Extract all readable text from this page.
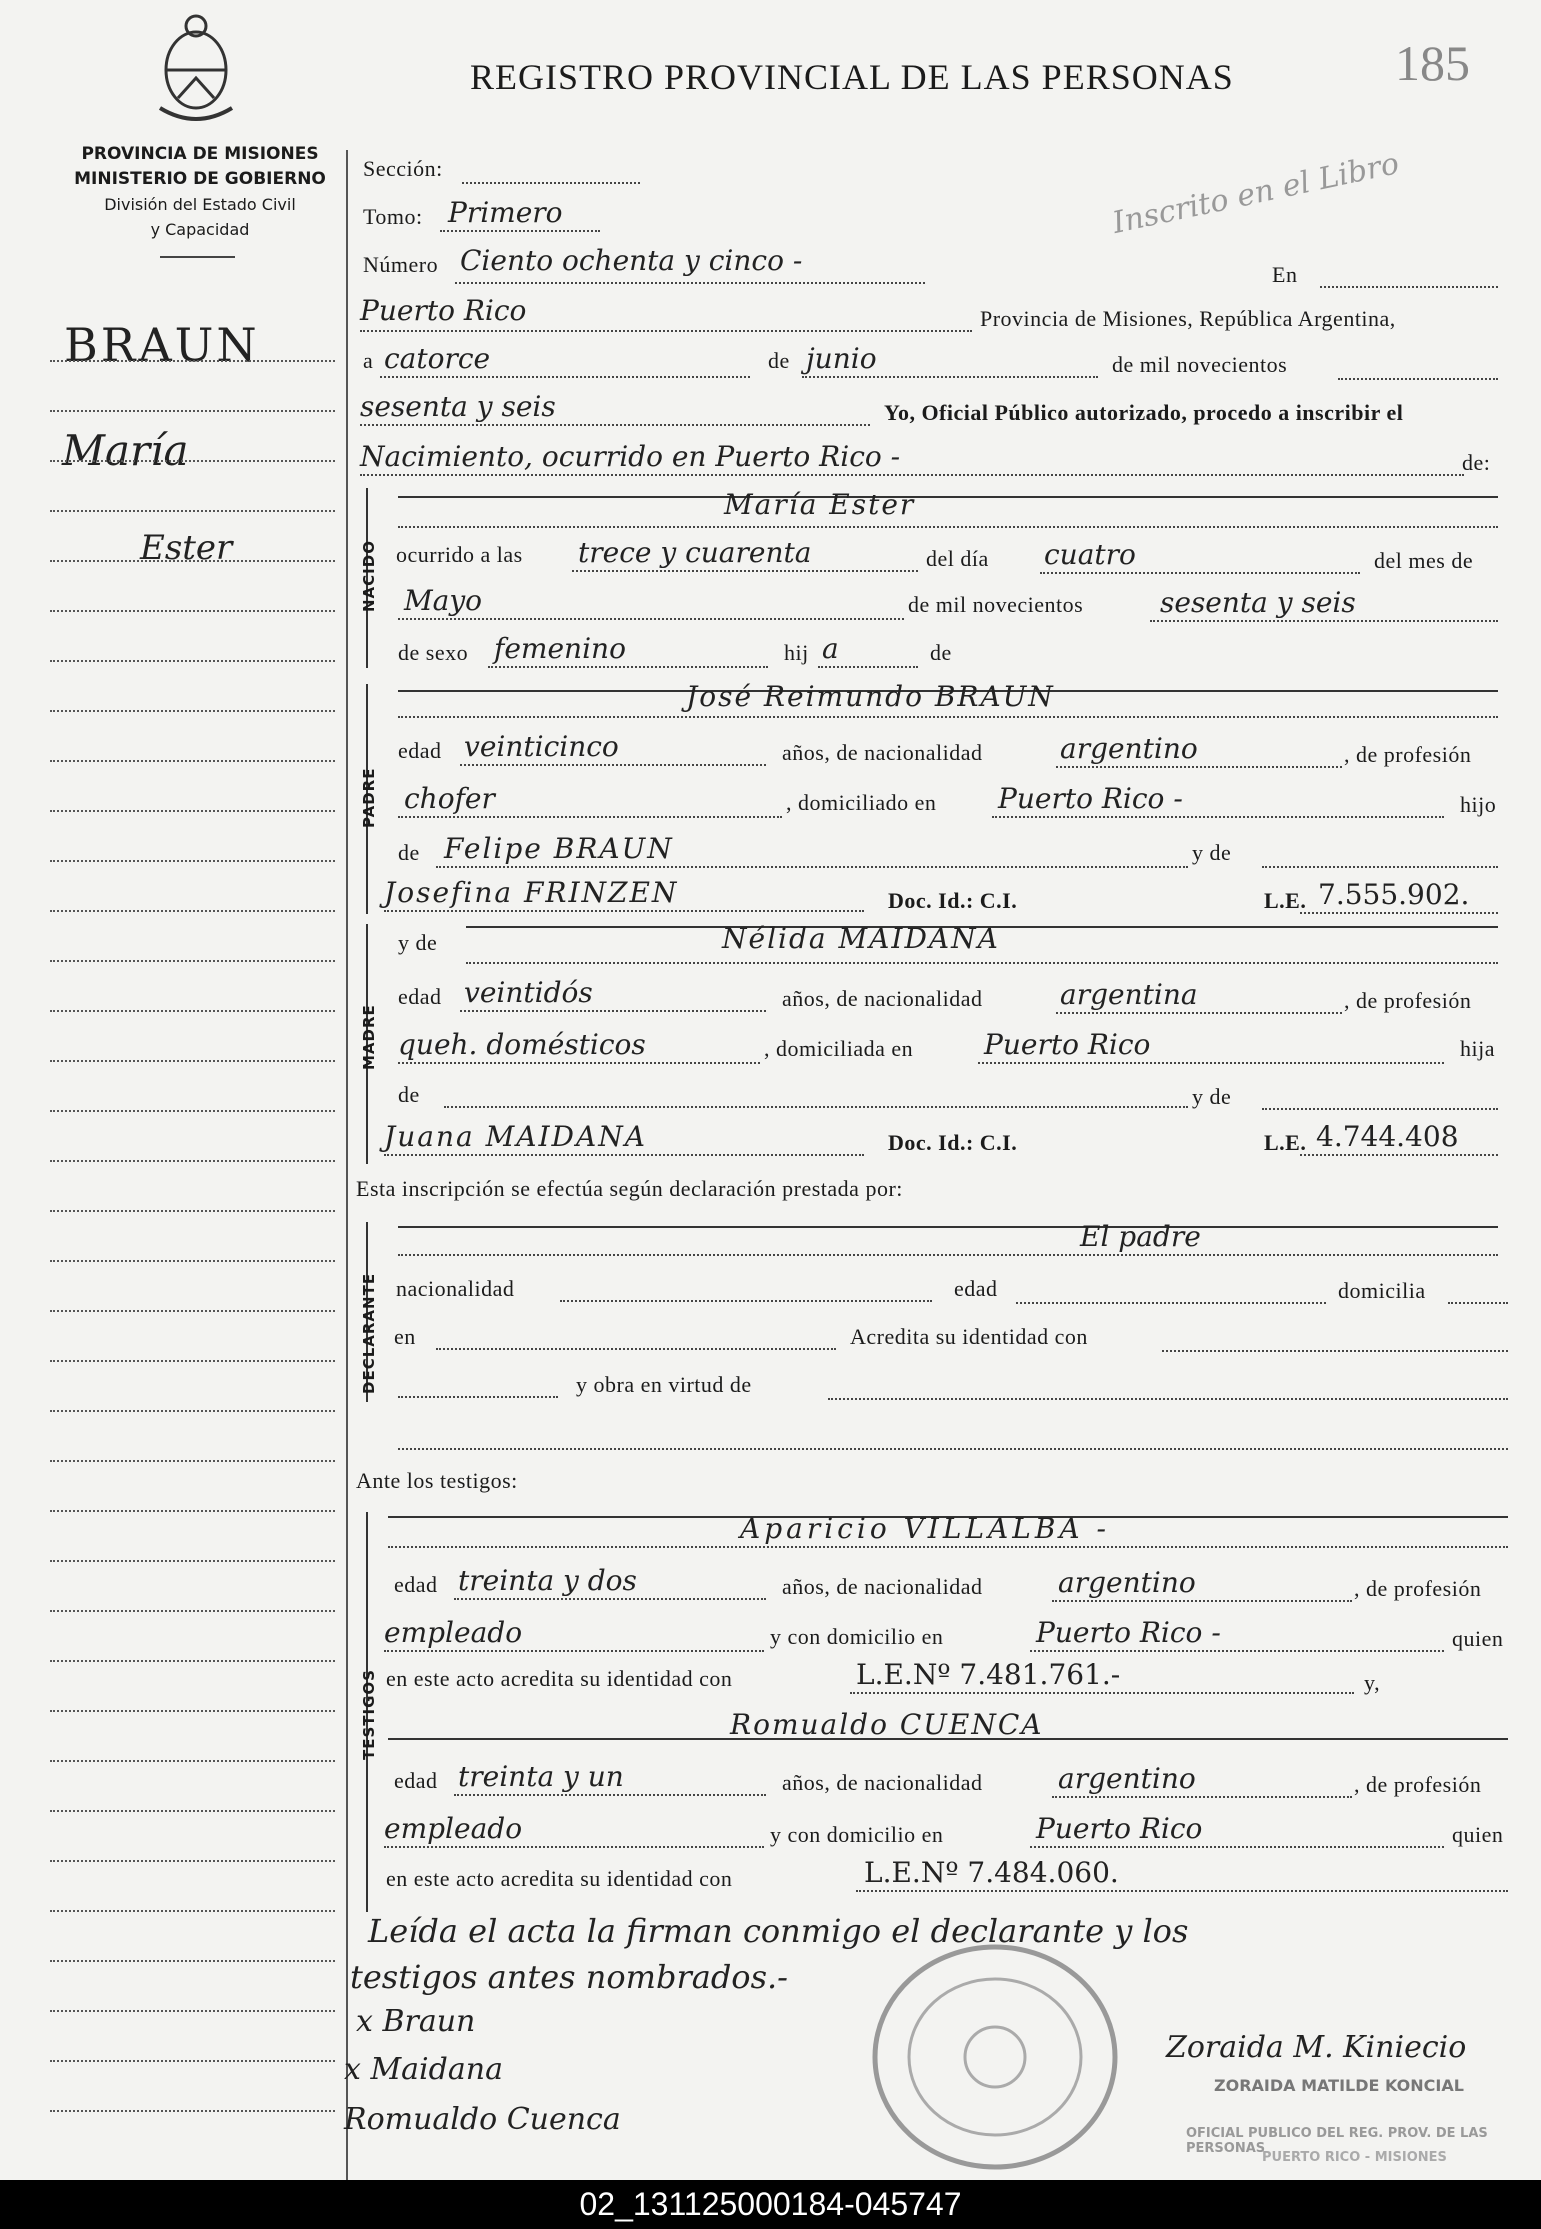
REGISTRO PROVINCIAL DE LAS PERSONAS	185
PROVINCIA DE MISIONES
MINISTERIO DE GOBIERNO
División del Estado Civil
y Capacidad
BRAUN
María
Ester
Sección:
Tomo: Primero
Número Ciento ochenta y cinco -	En
Puerto Rico	Provincia de Misiones, República Argentina,
a catorce	de junio	de mil novecientos
sesenta y seis	Yo, Oficial Público autorizado, procedo a inscribir el
Nacimiento, ocurrido en Puerto Rico -	de:
NACIDO
María Ester
ocurrido a las trece y cuarenta	del día cuatro	del mes de
Mayo	de mil novecientos	sesenta y seis
de sexo femenino	hij a	de
PADRE
José Reimundo BRAUN
edad veinticinco	años, de nacionalidad	argentino	, de profesión
chofer	, domiciliado en Puerto Rico -	hijo
de Felipe BRAUN	y de
Josefina FRINZEN	Doc. Id.: C.I.	L.E. 7.555.902.
MADRE
y de	Nélida MAIDANA
edad veintidós	años, de nacionalidad	argentina	, de profesión
queh. domésticos	, domiciliada en	Puerto Rico	hija
de	y de
Juana MAIDANA	Doc. Id.: C.I.	L.E. 4.744.408
Esta inscripción se efectúa según declaración prestada por:
DECLARANTE
El padre
nacionalidad	edad	domicilia
en	Acredita su identidad con
y obra en virtud de
Ante los testigos:
TESTIGOS
Aparicio VILLALBA -
edad treinta y dos	años, de nacionalidad	argentino	, de profesión
empleado	y con domicilio en	Puerto Rico -	quien
en este acto acredita su identidad con	L.E.Nº 7.481.761.-	y,
Romualdo CUENCA
edad treinta y un	años, de nacionalidad	argentino	, de profesión
empleado	y con domicilio en	Puerto Rico	quien
en este acto acredita su identidad con	L.E.Nº 7.484.060.
Leída el acta la firman conmigo el declarante y los
testigos antes nombrados.-
x Braun
x Maidana
Romualdo Cuenca
Zoraida M. Kiniecio
ZORAIDA MATILDE KONCIAL
OFICIAL PUBLICO DEL REG. PROV. DE LAS PERSONAS
PUERTO RICO - MISIONES
Inscrito en el Libro
02_131125000184-045747
